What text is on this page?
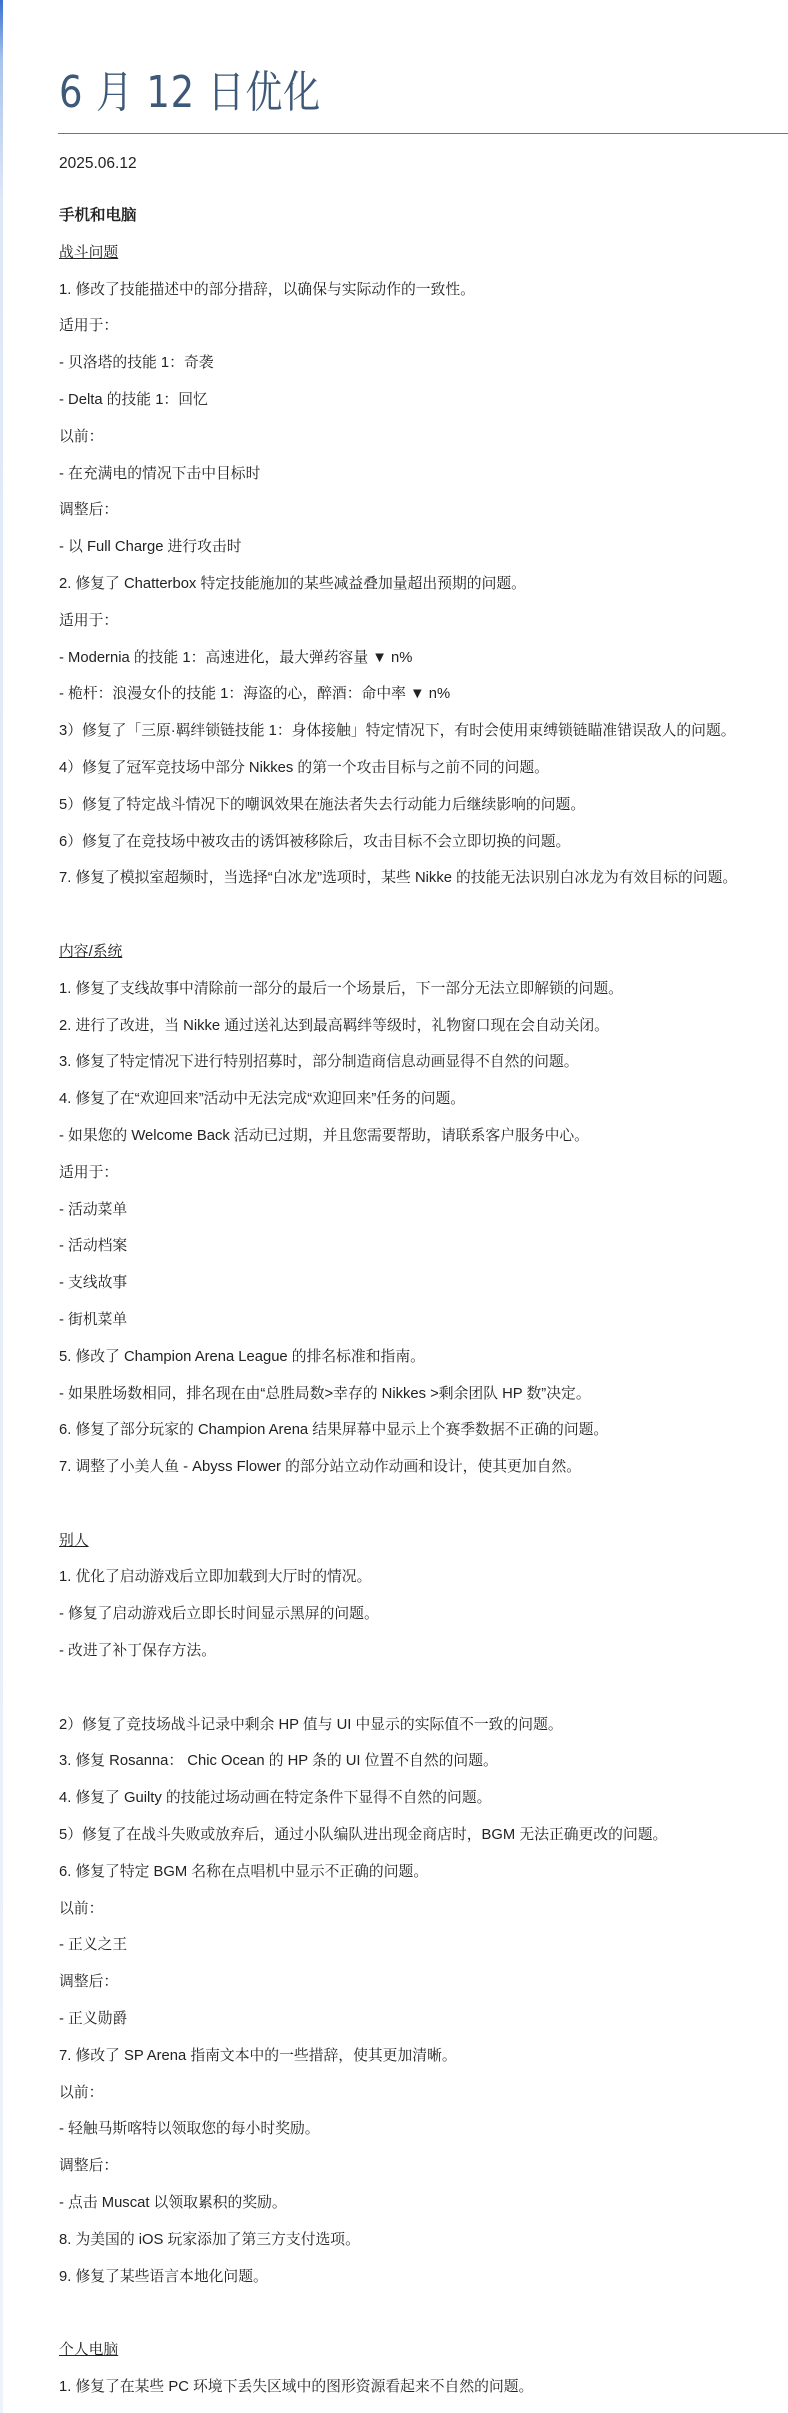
6 月 12 日优化
2025.06.12
手机和电脑
战斗问题
1. 修改了技能描述中的部分措辞，以确保与实际动作的一致性。
适用于：
- 贝洛塔的技能 1：奇袭
- Delta 的技能 1：回忆
以前：
- 在充满电的情况下击中目标时
调整后：
- 以 Full Charge 进行攻击时
2. 修复了 Chatterbox 特定技能施加的某些减益叠加量超出预期的问题。
适用于：
- Modernia 的技能 1：高速进化，最大弹药容量 ▼ n%
- 桅杆：浪漫女仆的技能 1：海盗的心，醉酒：命中率 ▼ n%
3）修复了「三原·羁绊锁链技能 1：身体接触」特定情况下，有时会使用束缚锁链瞄准错误敌人的问题。
4）修复了冠军竞技场中部分 Nikkes 的第一个攻击目标与之前不同的问题。
5）修复了特定战斗情况下的嘲讽效果在施法者失去行动能力后继续影响的问题。
6）修复了在竞技场中被攻击的诱饵被移除后，攻击目标不会立即切换的问题。
7. 修复了模拟室超频时，当选择“白冰龙”选项时，某些 Nikke 的技能无法识别白冰龙为有效目标的问题。
内容/系统
1. 修复了支线故事中清除前一部分的最后一个场景后，下一部分无法立即解锁的问题。
2. 进行了改进，当 Nikke 通过送礼达到最高羁绊等级时，礼物窗口现在会自动关闭。
3. 修复了特定情况下进行特别招募时，部分制造商信息动画显得不自然的问题。
4. 修复了在“欢迎回来”活动中无法完成“欢迎回来”任务的问题。
- 如果您的 Welcome Back 活动已过期，并且您需要帮助，请联系客户服务中心。
适用于：
- 活动菜单
- 活动档案
- 支线故事
- 街机菜单
5. 修改了 Champion Arena League 的排名标准和指南。
- 如果胜场数相同，排名现在由“总胜局数>幸存的 Nikkes >剩余团队 HP 数”决定。
6. 修复了部分玩家的 Champion Arena 结果屏幕中显示上个赛季数据不正确的问题。
7. 调整了小美人鱼 - Abyss Flower 的部分站立动作动画和设计，使其更加自然。
别人
1. 优化了启动游戏后立即加载到大厅时的情况。
- 修复了启动游戏后立即长时间显示黑屏的问题。
- 改进了补丁保存方法。
2）修复了竞技场战斗记录中剩余 HP 值与 UI 中显示的实际值不一致的问题。
3. 修复 Rosanna： Chic Ocean 的 HP 条的 UI 位置不自然的问题。
4. 修复了 Guilty 的技能过场动画在特定条件下显得不自然的问题。
5）修复了在战斗失败或放弃后，通过小队编队进出现金商店时，BGM 无法正确更改的问题。
6. 修复了特定 BGM 名称在点唱机中显示不正确的问题。
以前：
- 正义之王
调整后：
- 正义勋爵
7. 修改了 SP Arena 指南文本中的一些措辞，使其更加清晰。
以前：
- 轻触马斯喀特以领取您的每小时奖励。
调整后：
- 点击 Muscat 以领取累积的奖励。
8. 为美国的 iOS 玩家添加了第三方支付选项。
9. 修复了某些语言本地化问题。
个人电脑
1. 修复了在某些 PC 环境下丢失区域中的图形资源看起来不自然的问题。
